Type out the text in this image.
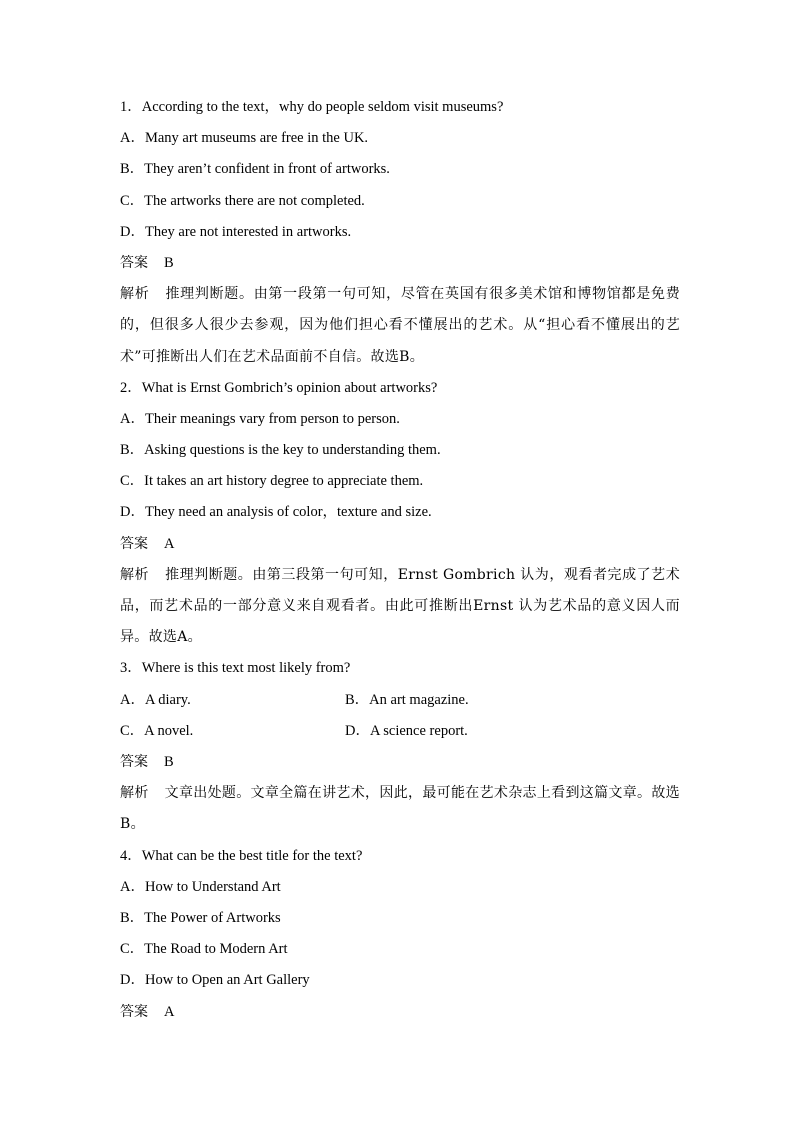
1．According to the text，why do people seldom visit museums?
A．Many art museums are free in the UK.
B．They aren’t confident in front of artworks.
C．The artworks there are not completed.
D．They are not interested in artworks.
答案 B
解析 推理判断题。由第一段第一句可知，尽管在英国有很多美术馆和博物馆都是免费的，但很多人很少去参观，因为他们担心看不懂展出的艺术。从“担心看不懂展出的艺术”可推断出人们在艺术品面前不自信。故选B。
2．What is Ernst Gombrich’s opinion about artworks?
A．Their meanings vary from person to person.
B．Asking questions is the key to understanding them.
C．It takes an art history degree to appreciate them.
D．They need an analysis of color，texture and size.
答案 A
解析 推理判断题。由第三段第一句可知，Ernst Gombrich 认为，观看者完成了艺术品，而艺术品的一部分意义来自观看者。由此可推断出Ernst 认为艺术品的意义因人而异。故选A。
3．Where is this text most likely from?
A．A diary.	B．An art magazine.
C．A novel.	D．A science report.
答案 B
解析 文章出处题。文章全篇在讲艺术，因此，最可能在艺术杂志上看到这篇文章。故选B。
4．What can be the best title for the text?
A．How to Understand Art
B．The Power of Artworks
C．The Road to Modern Art
D．How to Open an Art Gallery
答案 A
